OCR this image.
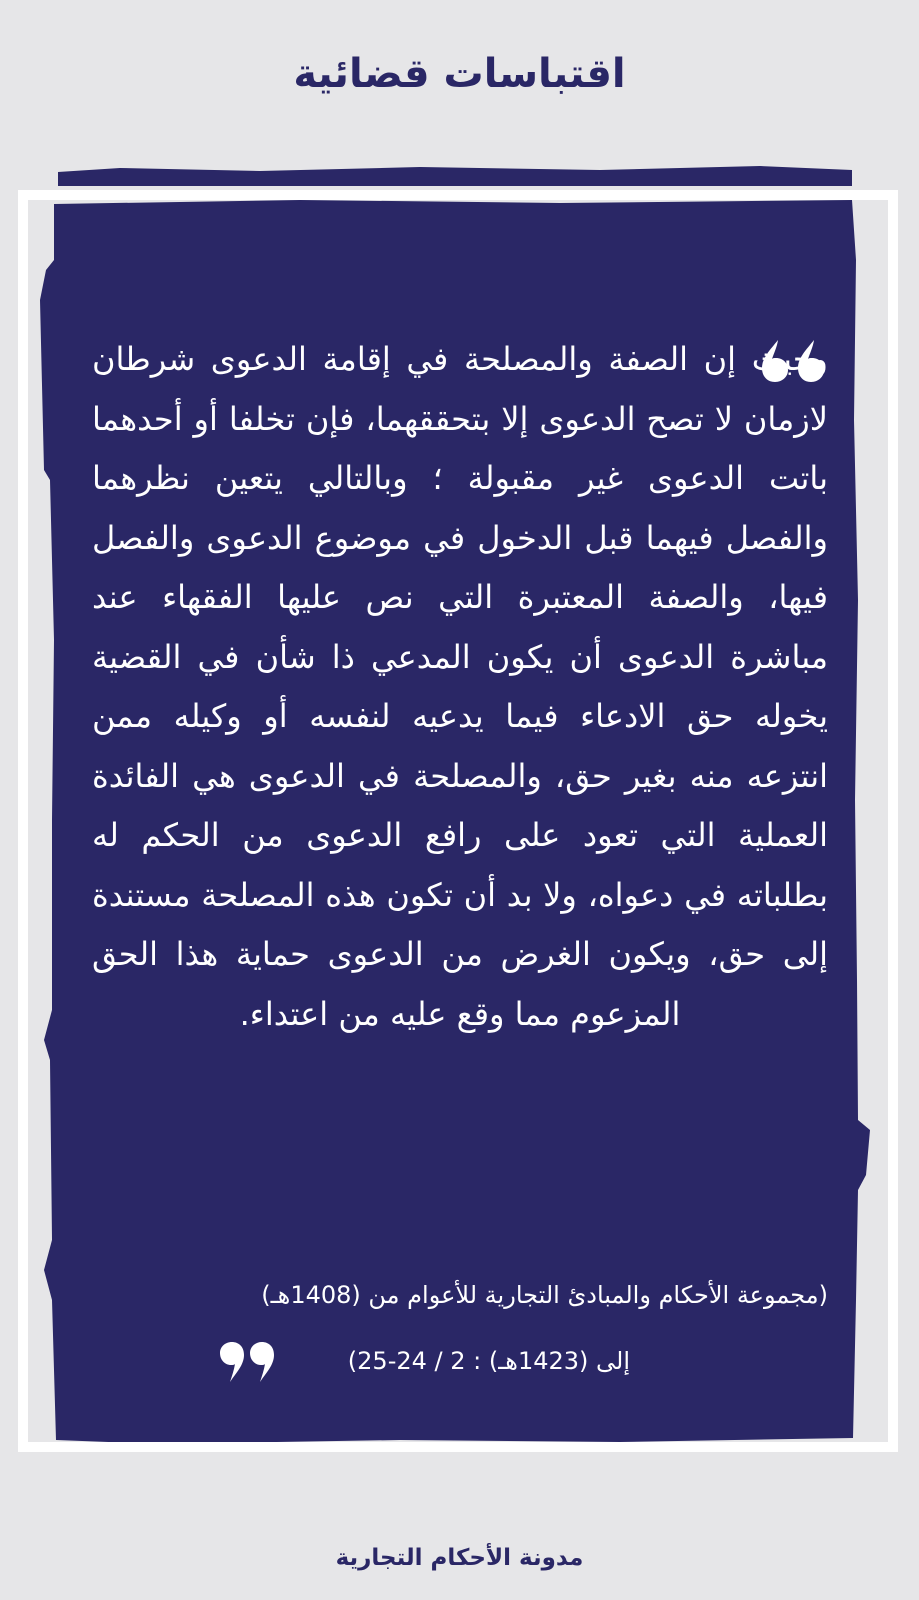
اقتباسات قضائية
وحيث إن الصفة والمصلحة في إقامة الدعوى شرطان لازمان لا تصح الدعوى إلا بتحققهما، فإن تخلفا أو أحدهما باتت الدعوى غير مقبولة ؛ وبالتالي يتعين نظرهما والفصل فيهما قبل الدخول في موضوع الدعوى والفصل فيها، والصفة المعتبرة التي نص عليها الفقهاء عند مباشرة الدعوى أن يكون المدعي ذا شأن في القضية يخوله حق الادعاء فيما يدعيه لنفسه أو وكيله ممن انتزعه منه بغير حق، والمصلحة في الدعوى هي الفائدة العملية التي تعود على رافع الدعوى من الحكم له بطلباته في دعواه، ولا بد أن تكون هذه المصلحة مستندة إلى حق، ويكون الغرض من الدعوى حماية هذا الحق المزعوم مما وقع عليه من اعتداء.
(مجموعة الأحكام والمبادئ التجارية للأعوام من (1408هـ)
إلى (1423هـ) : 2 / 24-25)
مدونة الأحكام التجارية
